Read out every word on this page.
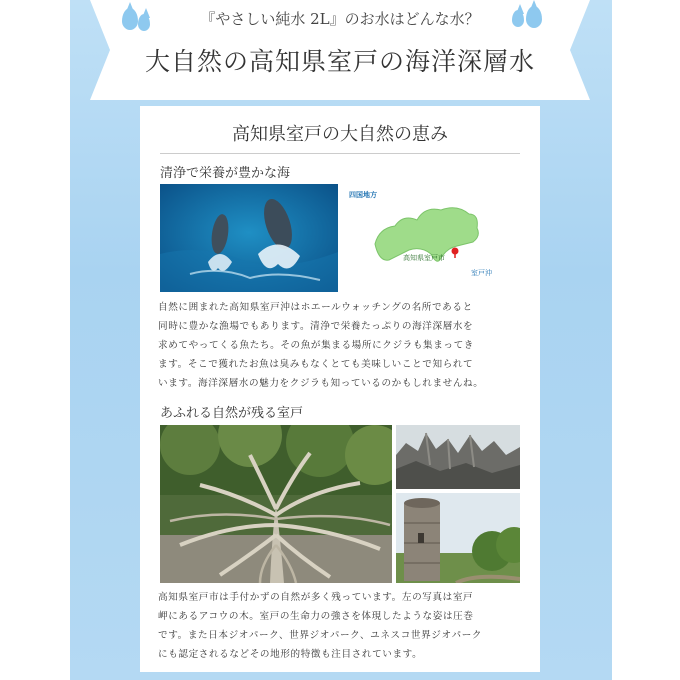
『やさしい純水 2L』のお水はどんな水？
大自然の高知県室戸の海洋深層水
高知県室戸の大自然の恵み
清浄で栄養が豊かな海
四国地方
高知県室戸市
室戸沖
自然に囲まれた高知県室戸沖はホエールウォッチングの名所であると
同時に豊かな漁場でもあります。清浄で栄養たっぷりの海洋深層水を
求めてやってくる魚たち。その魚が集まる場所にクジラも集まってき
ます。そこで獲れたお魚は臭みもなくとても美味しいことで知られて
います。海洋深層水の魅力をクジラも知っているのかもしれませんね。
あふれる自然が残る室戸
高知県室戸市は手付かずの自然が多く残っています。左の写真は室戸
岬にあるアコウの木。室戸の生命力の強さを体現したような姿は圧巻
です。また日本ジオパーク、世界ジオパーク、ユネスコ世界ジオパーク
にも認定されるなどその地形的特徴も注目されています。
